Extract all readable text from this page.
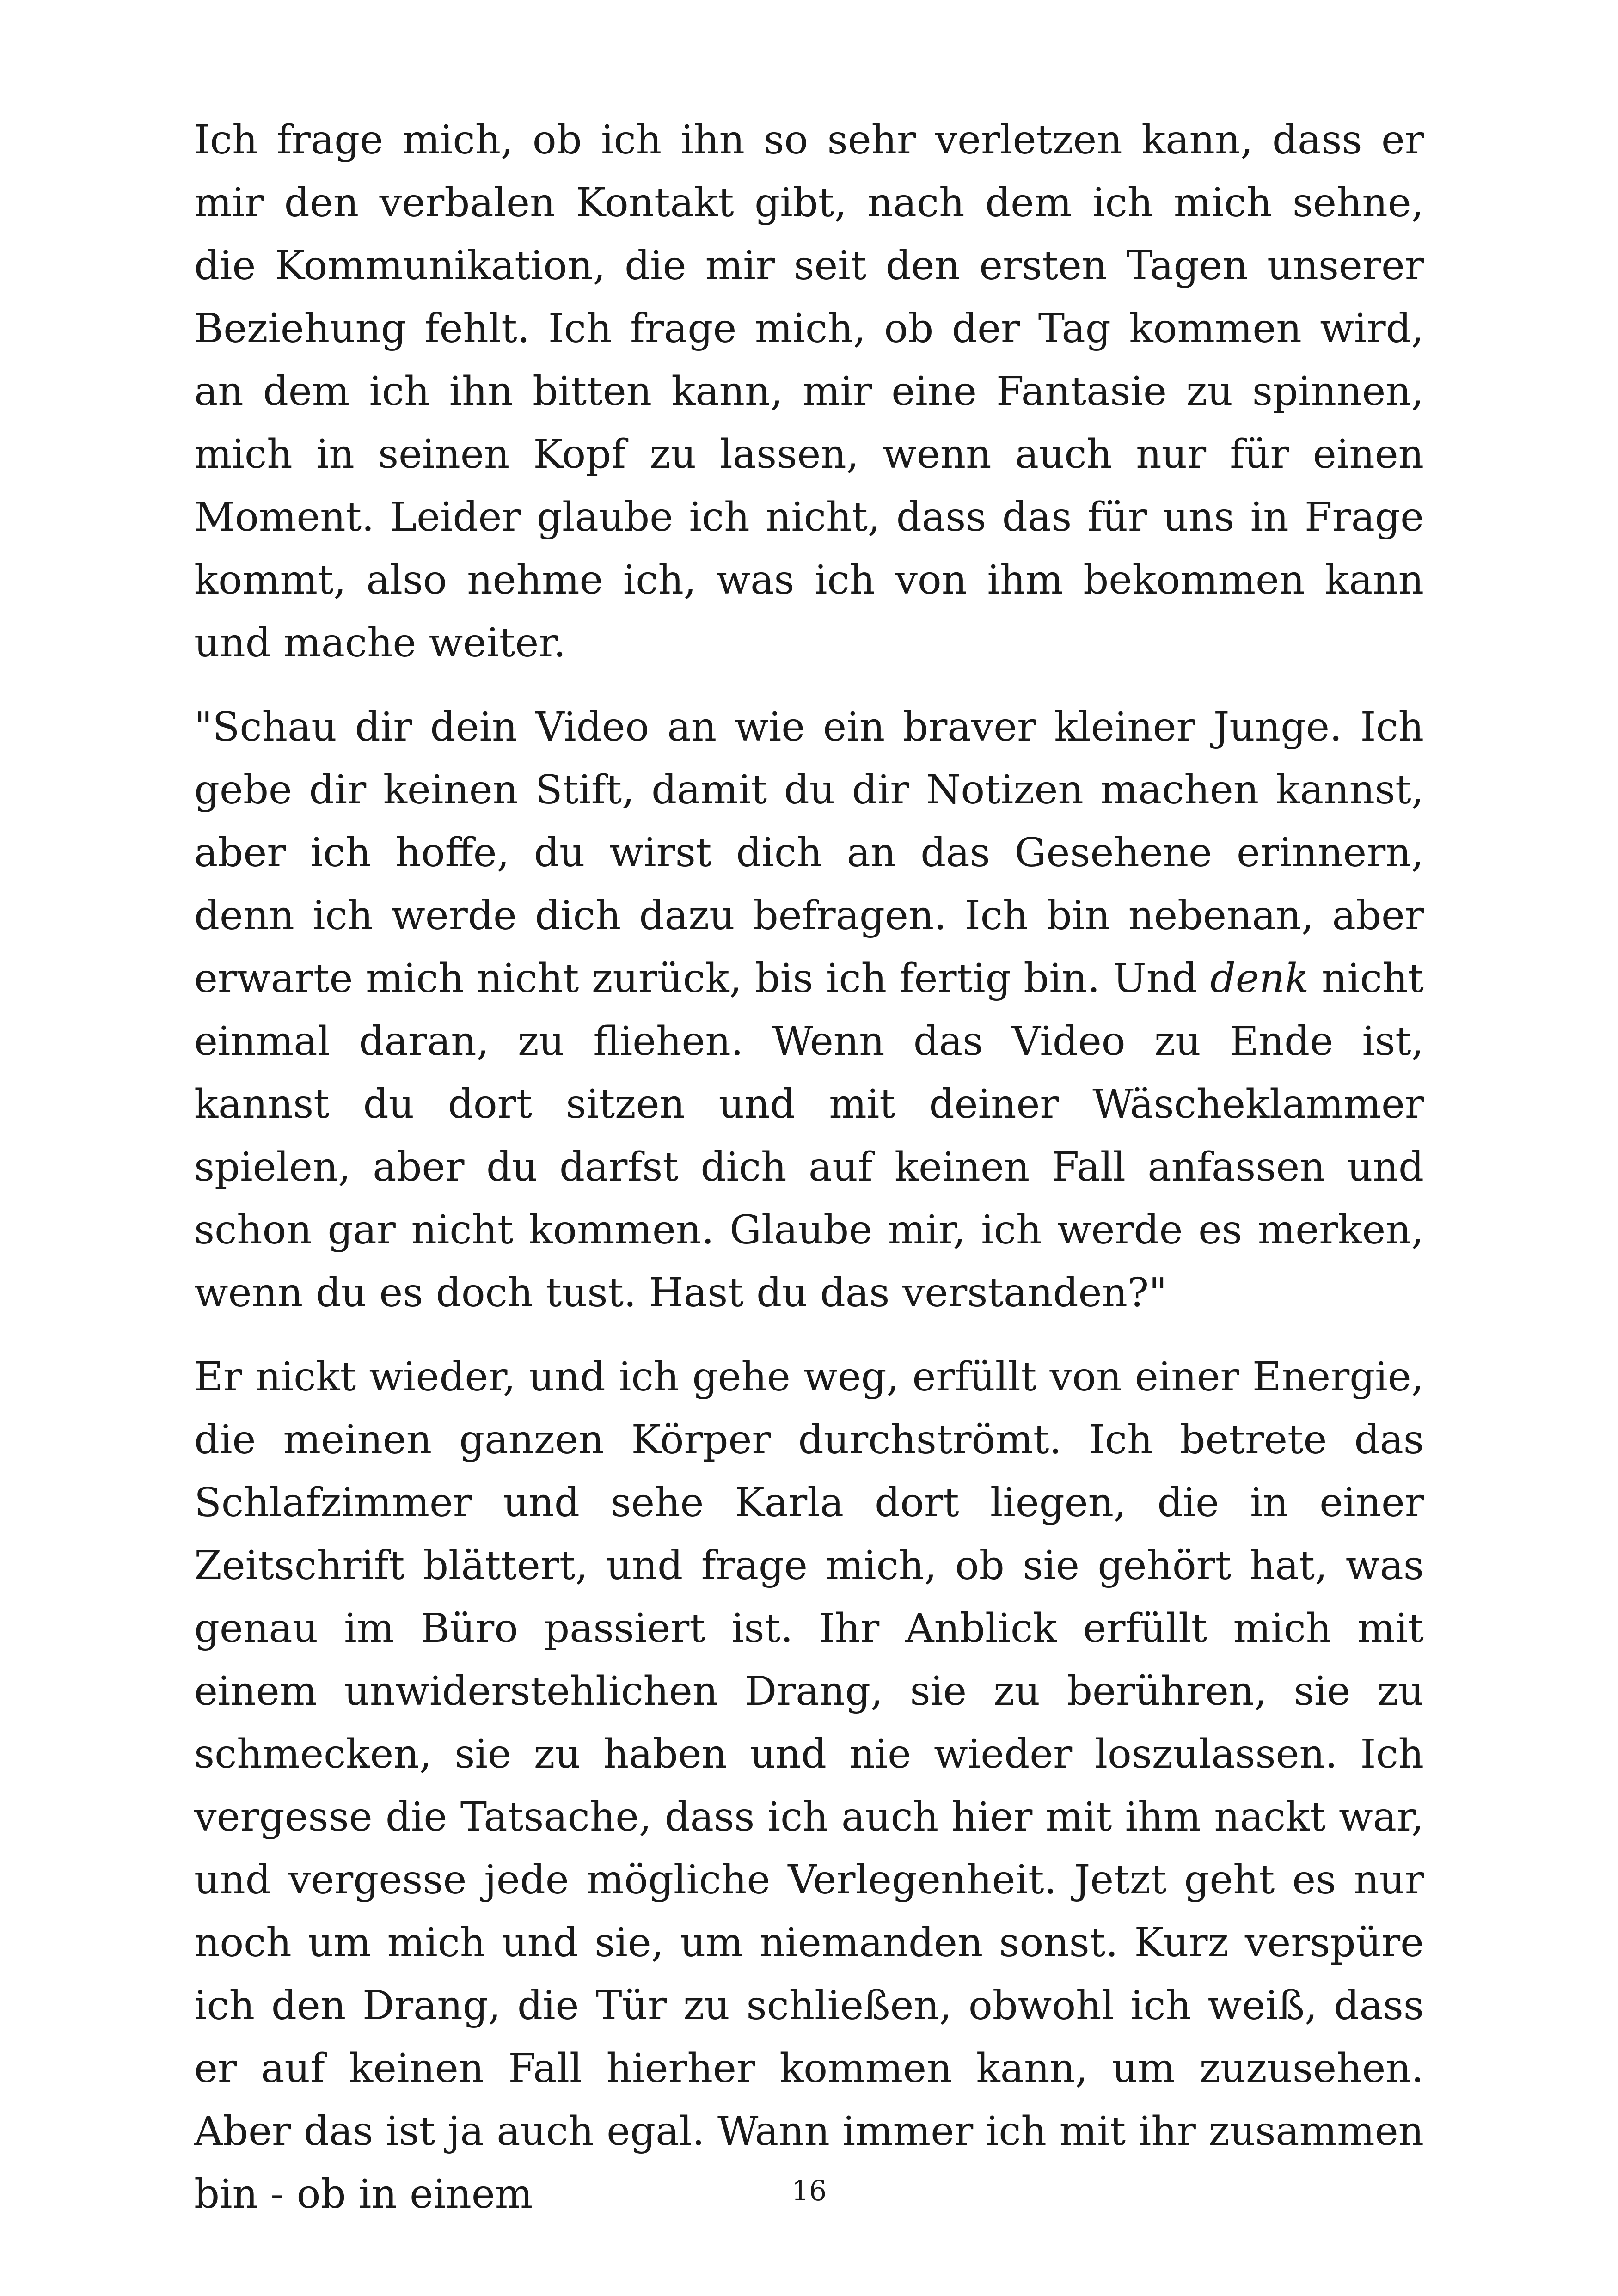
Ich frage mich, ob ich ihn so sehr verletzen kann, dass er mir den verbalen Kontakt gibt, nach dem ich mich sehne, die Kommunikation, die mir seit den ersten Tagen unserer Beziehung fehlt. Ich frage mich, ob der Tag kommen wird, an dem ich ihn bitten kann, mir eine Fantasie zu spinnen, mich in seinen Kopf zu lassen, wenn auch nur für einen Moment. Leider glaube ich nicht, dass das für uns in Frage kommt, also nehme ich, was ich von ihm bekommen kann und mache weiter.

"Schau dir dein Video an wie ein braver kleiner Junge. Ich gebe dir keinen Stift, damit du dir Notizen machen kannst, aber ich hoffe, du wirst dich an das Gesehene erinnern, denn ich werde dich dazu befragen. Ich bin nebenan, aber erwarte mich nicht zurück, bis ich fertig bin. Und denk nicht einmal daran, zu fliehen. Wenn das Video zu Ende ist, kannst du dort sitzen und mit deiner Wäscheklammer spielen, aber du darfst dich auf keinen Fall anfassen und schon gar nicht kommen. Glaube mir, ich werde es merken, wenn du es doch tust. Hast du das verstanden?"

Er nickt wieder, und ich gehe weg, erfüllt von einer Energie, die meinen ganzen Körper durchströmt. Ich betrete das Schlafzimmer und sehe Karla dort liegen, die in einer Zeitschrift blättert, und frage mich, ob sie gehört hat, was genau im Büro passiert ist. Ihr Anblick erfüllt mich mit einem unwiderstehlichen Drang, sie zu berühren, sie zu schmecken, sie zu haben und nie wieder loszulassen. Ich vergesse die Tatsache, dass ich auch hier mit ihm nackt war, und vergesse jede mögliche Verlegenheit. Jetzt geht es nur noch um mich und sie, um niemanden sonst. Kurz verspüre ich den Drang, die Tür zu schließen, obwohl ich weiß, dass er auf keinen Fall hierher kommen kann, um zuzusehen. Aber das ist ja auch egal. Wann immer ich mit ihr zusammen bin - ob in einem	16
